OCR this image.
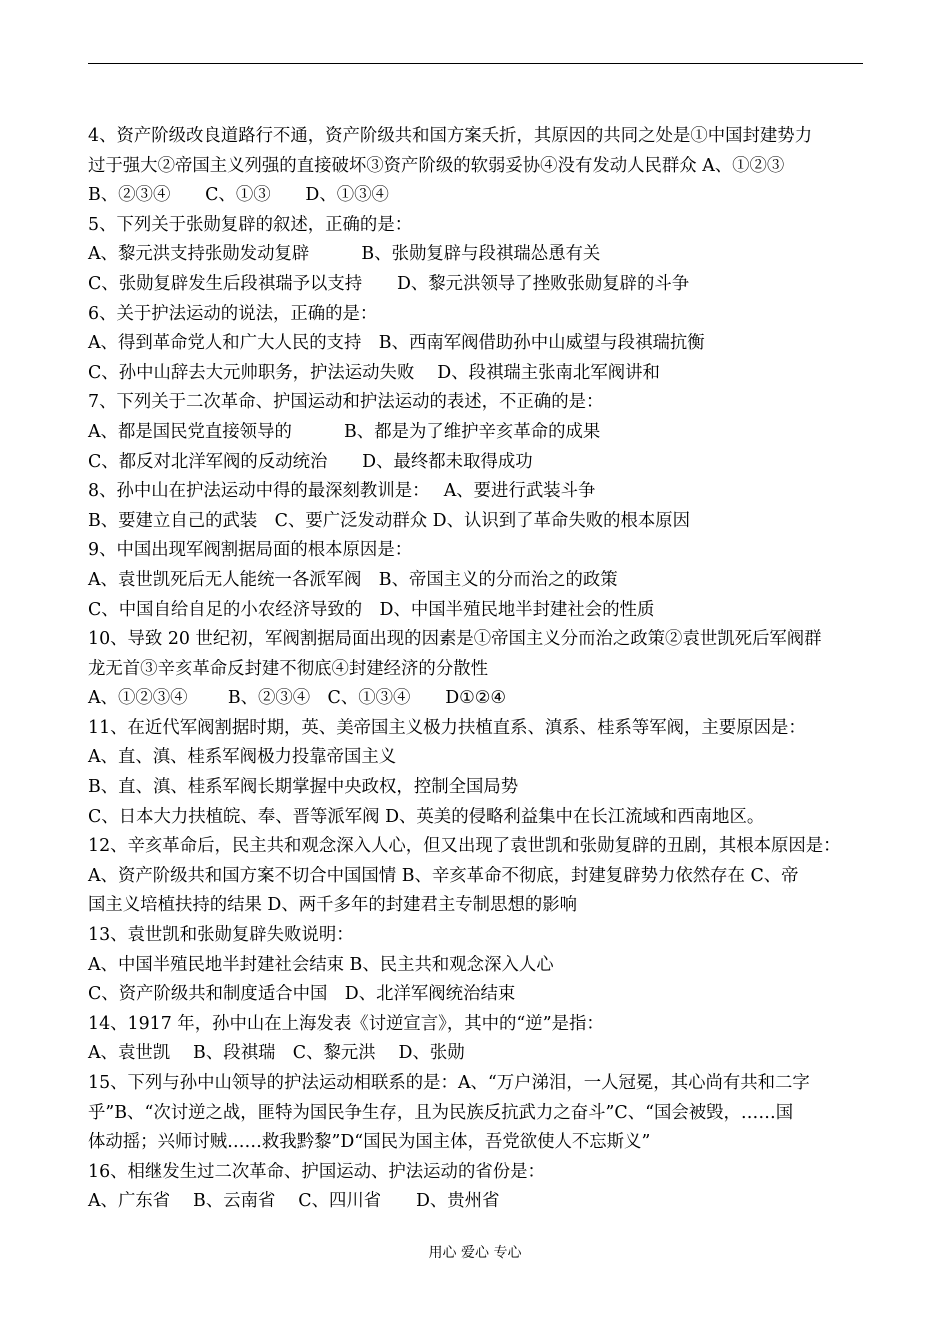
4、资产阶级改良道路行不通，资产阶级共和国方案夭折，其原因的共同之处是①中国封建势力
过于强大②帝国主义列强的直接破坏③资产阶级的软弱妥协④没有发动人民群众 A、①②③
B、②③④　　C、①③　　D、①③④
5、下列关于张勋复辟的叙述，正确的是：
A、黎元洪支持张勋发动复辟　　　B、张勋复辟与段祺瑞怂恿有关
C、张勋复辟发生后段祺瑞予以支持　　D、黎元洪领导了挫败张勋复辟的斗争
6、关于护法运动的说法，正确的是：
A、得到革命党人和广大人民的支持　B、西南军阀借助孙中山威望与段祺瑞抗衡
C、孙中山辞去大元帅职务，护法运动失败　 D、段祺瑞主张南北军阀讲和
7、下列关于二次革命、护国运动和护法运动的表述，不正确的是：
A、都是国民党直接领导的　　　B、都是为了维护辛亥革命的成果
C、都反对北洋军阀的反动统治　　D、最终都未取得成功
8、孙中山在护法运动中得的最深刻教训是：　 A、要进行武装斗争
B、要建立自己的武装　C、要广泛发动群众 D、认识到了革命失败的根本原因
9、中国出现军阀割据局面的根本原因是：
A、袁世凯死后无人能统一各派军阀　B、帝国主义的分而治之的政策
C、中国自给自足的小农经济导致的　D、中国半殖民地半封建社会的性质
10、导致 20 世纪初，军阀割据局面出现的因素是①帝国主义分而治之政策②袁世凯死后军阀群
龙无首③辛亥革命反封建不彻底④封建经济的分散性
A、①②③④　　 B、②③④　C、①③④　　D①②④
11、在近代军阀割据时期，英、美帝国主义极力扶植直系、滇系、桂系等军阀，主要原因是：
A、直、滇、桂系军阀极力投靠帝国主义
B、直、滇、桂系军阀长期掌握中央政权，控制全国局势
C、日本大力扶植皖、奉、晋等派军阀 D、英美的侵略利益集中在长江流域和西南地区。
12、辛亥革命后，民主共和观念深入人心，但又出现了袁世凯和张勋复辟的丑剧，其根本原因是：
A、资产阶级共和国方案不切合中国国情 B、辛亥革命不彻底，封建复辟势力依然存在 C、帝
国主义培植扶持的结果 D、两千多年的封建君主专制思想的影响
13、袁世凯和张勋复辟失败说明：
A、中国半殖民地半封建社会结束 B、民主共和观念深入人心
C、资产阶级共和制度适合中国　D、北洋军阀统治结束
14、1917 年，孙中山在上海发表《讨逆宣言》，其中的“逆”是指：
A、袁世凯　 B、段祺瑞　C、黎元洪　 D、张勋
15、下列与孙中山领导的护法运动相联系的是：A、“万户涕泪，一人冠冕，其心尚有共和二字
乎”B、“次讨逆之战，匪特为国民争生存，且为民族反抗武力之奋斗”C、“国会被毁，……国
体动摇；兴师讨贼……救我黔黎”D“国民为国主体，吾党欲使人不忘斯义”
16、相继发生过二次革命、护国运动、护法运动的省份是：
A、广东省　 B、云南省　 C、四川省　　D、贵州省
用心 爱心 专心
